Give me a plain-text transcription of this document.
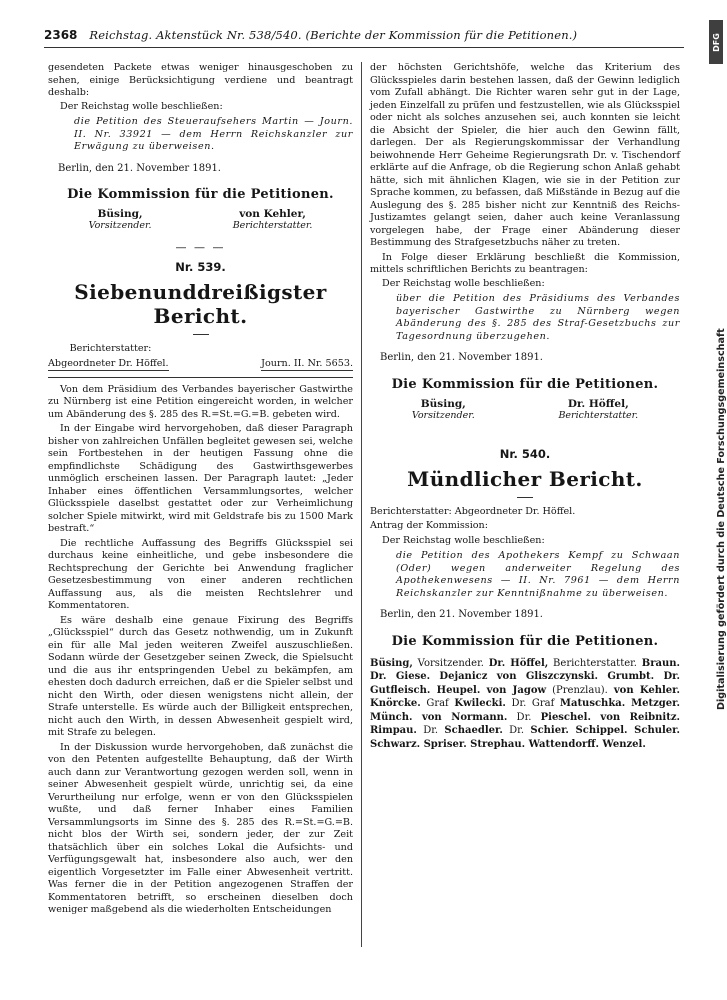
2368 Reichstag. Aktenstück Nr. 538/540. (Berichte der Kommission für die Petitionen.)

gesendeten Packete etwas weniger hinausgeschoben zu sehen, einige Berücksichtigung verdiene und beantragt deshalb:

Der Reichstag wolle beschließen:

die Petition des Steueraufsehers Martin — Journ. II. Nr. 33921 — dem Herrn Reichskanzler zur Erwägung zu überweisen.

Berlin, den 21. November 1891.

Die Kommission für die Petitionen.
Büsing,
Vorsitzender.
von Kehler,
Berichterstatter.
— — —
Nr. 539.
Siebenunddreißigster Bericht.

Berichterstatter:

Abgeordneter Dr. Höffel.	Journ. II. Nr. 5653.

Von dem Präsidium des Verbandes bayerischer Gastwirthe zu Nürnberg ist eine Petition eingereicht worden, in welcher um Abänderung des §. 285 des R.=St.=G.=B. gebeten wird.

In der Eingabe wird hervorgehoben, daß dieser Paragraph bisher von zahlreichen Unfällen begleitet gewesen sei, welche sein Fortbestehen in der heutigen Fassung ohne die empfindlichste Schädigung des Gastwirthsgewerbes unmöglich erscheinen lassen. Der Paragraph lautet: „Jeder Inhaber eines öffentlichen Versammlungsortes, welcher Glücksspiele daselbst gestattet oder zur Verheimlichung solcher Spiele mitwirkt, wird mit Geldstrafe bis zu 1500 Mark bestraft.“

Die rechtliche Auffassung des Begriffs Glücksspiel sei durchaus keine einheitliche, und gebe insbesondere die Rechtsprechung der Gerichte bei Anwendung fraglicher Gesetzesbestimmung von einer anderen rechtlichen Auffassung aus, als die meisten Rechtslehrer und Kommentatoren.

Es wäre deshalb eine genaue Fixirung des Begriffs „Glücksspiel“ durch das Gesetz nothwendig, um in Zukunft ein für alle Mal jeden weiteren Zweifel auszuschließen. Sodann würde der Gesetzgeber seinen Zweck, die Spielsucht und die aus ihr entspringenden Uebel zu bekämpfen, am ehesten doch dadurch erreichen, daß er die Spieler selbst und nicht den Wirth, oder diesen wenigstens nicht allein, der Strafe unterstelle. Es würde auch der Billigkeit entsprechen, nicht auch den Wirth, in dessen Abwesenheit gespielt wird, mit Strafe zu belegen.

In der Diskussion wurde hervorgehoben, daß zunächst die von den Petenten aufgestellte Behauptung, daß der Wirth auch dann zur Verantwortung gezogen werden soll, wenn in seiner Abwesenheit gespielt würde, unrichtig sei, da eine Verurtheilung nur erfolge, wenn er von den Glücksspielen wußte, und daß ferner Inhaber eines Familien Versammlungsorts im Sinne des §. 285 des R.=St.=G.=B. nicht blos der Wirth sei, sondern jeder, der zur Zeit thatsächlich über ein solches Lokal die Aufsichts- und Verfügungsgewalt hat, insbesondere also auch, wer den eigentlich Vorgesetzter im Falle einer Abwesenheit vertritt. Was ferner die in der Petition angezogenen Straffen der Kommentatoren betrifft, so erscheinen dieselben doch weniger maßgebend als die wiederholten Entscheidungen

der höchsten Gerichtshöfe, welche das Kriterium des Glücksspieles darin bestehen lassen, daß der Gewinn lediglich vom Zufall abhängt. Die Richter waren sehr gut in der Lage, jeden Einzelfall zu prüfen und festzustellen, wie als Glücksspiel oder nicht als solches anzusehen sei, auch konnten sie leicht die Absicht der Spieler, die hier auch den Gewinn fällt, darlegen. Der als Regierungskommissar der Verhandlung beiwohnende Herr Geheime Regierungsrath Dr. v. Tischendorf erklärte auf die Anfrage, ob die Regierung schon Anlaß gehabt hätte, sich mit ähnlichen Klagen, wie sie in der Petition zur Sprache kommen, zu befassen, daß Mißstände in Bezug auf die Auslegung des §. 285 bisher nicht zur Kenntniß des Reichs-Justizamtes gelangt seien, daher auch keine Veranlassung vorgelegen habe, der Frage einer Abänderung dieser Bestimmung des Strafgesetzbuchs näher zu treten.

In Folge dieser Erklärung beschließt die Kommission, mittels schriftlichen Berichts zu beantragen:

Der Reichstag wolle beschließen:

über die Petition des Präsidiums des Verbandes bayerischer Gastwirthe zu Nürnberg wegen Abänderung des §. 285 des Straf-Gesetzbuchs zur Tagesordnung überzugehen.

Berlin, den 21. November 1891.

Die Kommission für die Petitionen.
Büsing,
Vorsitzender.
Dr. Höffel,
Berichterstatter.
Nr. 540.
Mündlicher Bericht.

Berichterstatter: Abgeordneter Dr. Höffel.

Antrag der Kommission:

Der Reichstag wolle beschließen:

die Petition des Apothekers Kempf zu Schwaan (Oder) wegen anderweiter Regelung des Apothekenwesens — II. Nr. 7961 — dem Herrn Reichskanzler zur Kenntnißnahme zu überweisen.

Berlin, den 21. November 1891.

Die Kommission für die Petitionen.
Büsing, Vorsitzender. Dr. Höffel, Berichterstatter. Braun. Dr. Giese. Dejanicz von Gliszczynski. Grumbt. Dr. Gutfleisch. Heupel. von Jagow (Prenzlau). von Kehler. Knörcke. Graf Kwilecki. Dr. Graf Matuschka. Metzger. Münch. von Normann. Dr. Pieschel. von Reibnitz. Rimpau. Dr. Schaedler. Dr. Schier. Schippel. Schuler. Schwarz. Spriser. Strephau. Wattendorff. Wenzel.
DFG
Digitalisierung gefördert durch die Deutsche Forschungsgemeinschaft
